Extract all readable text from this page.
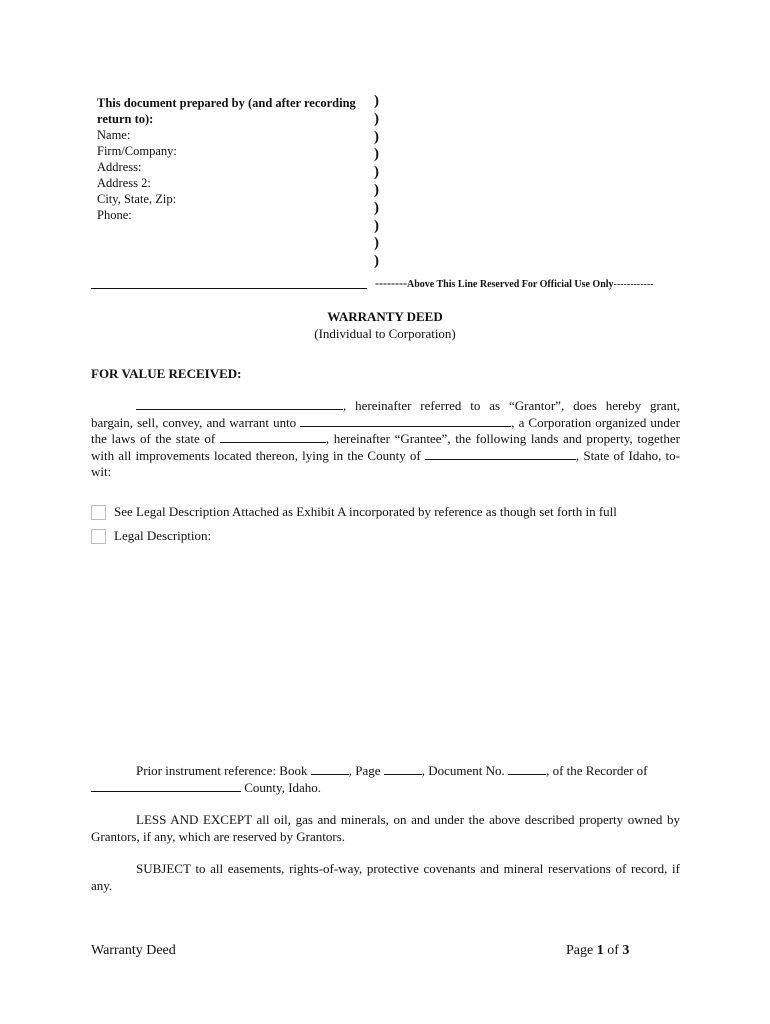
This document prepared by (and after recording
return to):
Name:
Firm/Company:
Address:
Address 2:
City, State, Zip:
Phone:
)
)
)
)
)
)
)
)
)
)
--------Above This Line Reserved For Official Use Only------------
WARRANTY DEED
(Individual to Corporation)
FOR VALUE RECEIVED:
, hereinafter referred to as “Grantor”, does hereby grant, bargain, sell, convey, and warrant unto	, a Corporation organized under the laws of the state of	, hereinafter “Grantee”, the following lands and property, together with all improvements located thereon, lying in the County of	, State of Idaho, to-wit:
See Legal Description Attached as Exhibit A incorporated by reference as though set forth in full
Legal Description:
Prior instrument reference: Book	, Page	, Document No.	, of the Recorder of
County, Idaho.
LESS AND EXCEPT all oil, gas and minerals, on and under the above described property owned by Grantors, if any, which are reserved by Grantors.
SUBJECT to all easements, rights-of-way, protective covenants and mineral reservations of record, if any.
Warranty Deed	Page 1 of 3
